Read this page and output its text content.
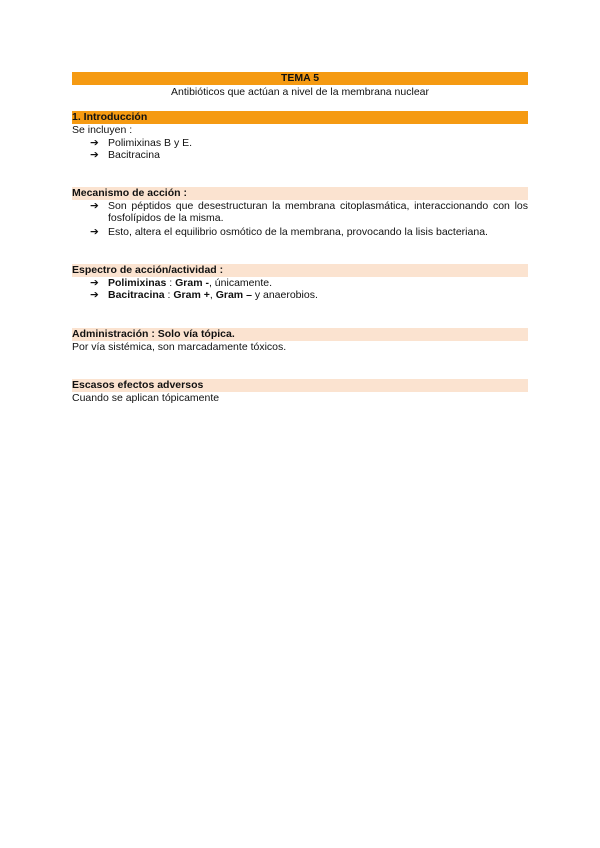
TEMA 5
Antibióticos que actúan a nivel de la membrana nuclear
1. Introducción
Se incluyen :
➔ Polimixinas B y E.
➔ Bacitracina
Mecanismo de acción :
➔ Son péptidos que desestructuran la membrana citoplasmática, interaccionando con los fosfolípidos de la misma.
➔ Esto, altera el equilibrio osmótico de la membrana, provocando la lisis bacteriana.
Espectro de acción/actividad :
➔ Polimixinas : Gram -, únicamente.
➔ Bacitracina : Gram +, Gram – y anaerobios.
Administración : Solo vía tópica.
Por vía sistémica, son marcadamente tóxicos.
Escasos efectos adversos
Cuando se aplican tópicamente
